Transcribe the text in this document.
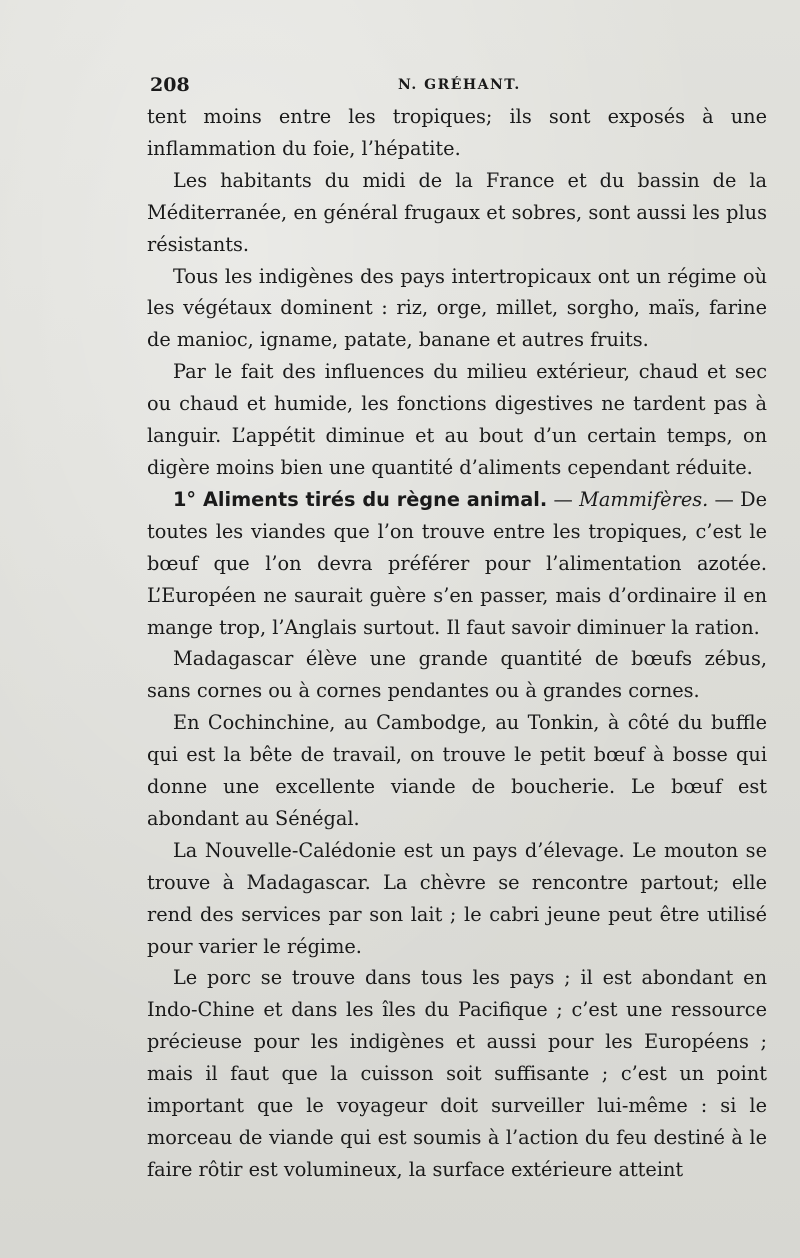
208	N. GRÉHANT.

tent moins entre les tropiques; ils sont exposés à une inflammation du foie, l’hépatite.

Les habitants du midi de la France et du bassin de la Méditerranée, en général frugaux et sobres, sont aussi les plus résistants.

Tous les indigènes des pays intertropicaux ont un régime où les végétaux dominent : riz, orge, millet, sorgho, maïs, farine de manioc, igname, patate, banane et autres fruits.

Par le fait des influences du milieu extérieur, chaud et sec ou chaud et humide, les fonctions digestives ne tardent pas à languir. L’appétit diminue et au bout d’un certain temps, on digère moins bien une quantité d’aliments cependant réduite.

1° Aliments tirés du règne animal. — Mammifères. — De toutes les viandes que l’on trouve entre les tropiques, c’est le bœuf que l’on devra préférer pour l’alimentation azotée. L’Européen ne saurait guère s’en passer, mais d’ordinaire il en mange trop, l’Anglais surtout. Il faut savoir diminuer la ration.

Madagascar élève une grande quantité de bœufs zébus, sans cornes ou à cornes pendantes ou à grandes cornes.

En Cochinchine, au Cambodge, au Tonkin, à côté du buffle qui est la bête de travail, on trouve le petit bœuf à bosse qui donne une excellente viande de boucherie. Le bœuf est abondant au Sénégal.

La Nouvelle-Calédonie est un pays d’élevage. Le mouton se trouve à Madagascar. La chèvre se rencontre partout; elle rend des services par son lait ; le cabri jeune peut être utilisé pour varier le régime.

Le porc se trouve dans tous les pays ; il est abondant en Indo-Chine et dans les îles du Pacifique ; c’est une ressource précieuse pour les indigènes et aussi pour les Européens ; mais il faut que la cuisson soit suffisante ; c’est un point important que le voyageur doit surveiller lui-même : si le morceau de viande qui est soumis à l’action du feu destiné à le faire rôtir est volumineux, la surface extérieure atteint
